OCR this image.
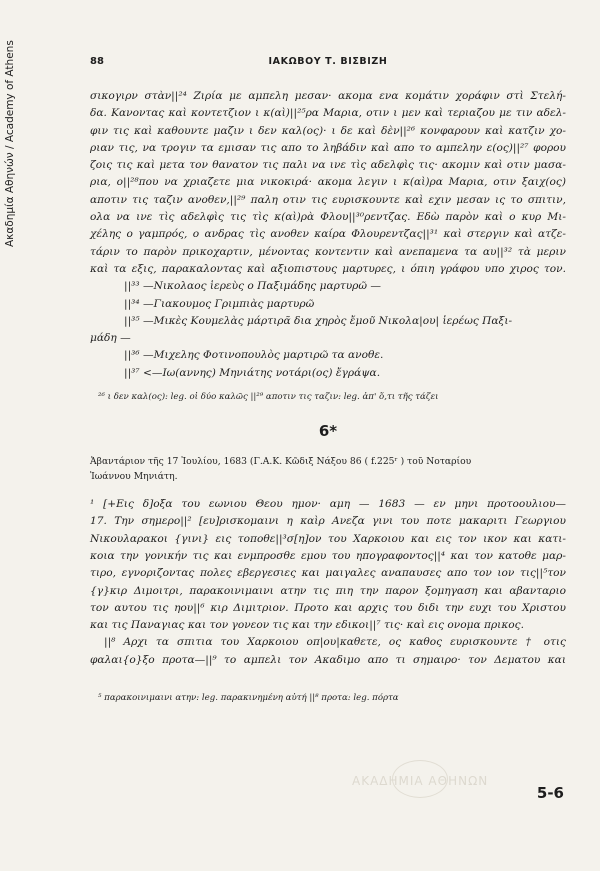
Ακαδημία Αθηνών / Academy of Athens	88	ΙΑΚΩΒΟΥ Τ. ΒΙΣΒΙΖΗ
σικογιρν στὰν||²⁴ Ζιρία με αμπελη μεσαν· ακομα ενα κομάτιν χοράφιν στὶ Στελή-
δα. Κανοντας καὶ κοντετζιον ι κ(αὶ)||²⁵ρα Μαρια, οτιν ι μεν καὶ τεριαζου με τιν αδελ-
φιν τις καὶ καθουντε μαζιν ι δεν καλ(ος)· ι δε καὶ δὲν||²⁶ κονφαρουν καὶ κατζιν χο-
ριαν τις, να τρογιν τα εμισαν τις απο το ληβάδιν καὶ απο το αμπελην ε(ος)||²⁷ φορου
ζοις τις καὶ μετα τον θανατον τις παλι να ινε τὶς αδελφὶς τις· ακομιν καὶ οτιν μασα-
ρια, ο||²⁸που να χριαζετε μια νικοκιρά· ακομα λεγιν ι κ(αὶ)ρα Μαρια, οτιν ξαιχ(ος)
αποτιν τις ταζιν ανοθεν,||²⁹ παλη οτιν τις ευρισκουντε καὶ εχιν μεσαν ις το σπιτιν,
ολα να ινε τὶς αδελφὶς τις τὶς κ(αὶ)ρὰ Φλου||³⁰ρεντζας. Εδὼ παρὸν καὶ ο κυρ Μι-
χέλης ο γαμπρός, ο ανδρας τὶς ανοθεν καίρα Φλουρεντζας||³¹ καὶ στεργιν καὶ ατζε-
τάριν το παρὸν πρικοχαρτιν, μένοντας κοντεντιν καὶ ανεπαμενα τα αυ||³² τὰ μεριν
καὶ τα εξις, παρακαλοντας καὶ αξιοπιστους μαρτυρες, ι όπιη γράφου υπο χιρος τον.
||³³ —Νικολαος ἱερεὺς ο Παξιμάδης μαρτυρῶ —
||³⁴ —Γιακουμος Γριμπιὰς μαρτυρῶ
||³⁵ —Μικὲς Κουμελὰς μάρτιρᾶ δια χηρὸς ἔμοῦ Νικολα|ου| ἱερέως Παξι-
μάδη —
||³⁶ —Μιχελης Φοτινοπουλὸς μαρτιρῶ τα ανοθε.
||³⁷ <—Ιω(αννης) Μηνιάτης νοτάρι(ος) ἔγράψα.
²⁶ ι δεν καλ(ος): leg. οἱ δύο καλῶς ||²⁹ αποτιν τις ταζιν: leg. ἀπ' ὅ,τι τῆς τάζει
6*
Ἀβαντάριον τῆς 17 Ἰουλίου, 1683 (Γ.Α.Κ. Κῶδιξ Νάξου 86 ( f.225ʳ ) τοῦ Νοταρίου
Ἰωάννου Μηνιάτη.
¹ [+Εις δ]οξα του εωνιου Θεου ημον· αμη — 1683 — εν μηνι προτοουλιου—
17. Την σημερο||² [ευ]ρισκομαινι η καὶρ Ανεζα γινι του ποτε μακαριτι Γεωργιου
Νικουλαρακοι {γινι} εις τοποθε||³σ[η]ον του Χαρκοιου και εις τον ικον και κατι-
κοια την γονικήν τις και ενμπροσθε εμου του ηπογραφοντος||⁴ και τον κατοθε μαρ-
τιρο, εγνοριζοντας πολες εβεργεσιες και μαιγαλες αναπαυσες απο τον ιον τις||⁵τον
{γ}κιρ Διμοιτρι, παρακοινιμαινι ατην τις πιη την παρον ξομηγαση και αβανταριο
τον αυτου τις ηου||⁶ κιρ Διμιτριον. Προτο και αρχις του διδι την ευχι του Χριστου
και τις Παναγιας και τον γονεον τις και την εδικοι||⁷ τις· καὶ εις ονομα πρικος.
||⁸ Αρχι τα σπιτια του Χαρκοιου οπ|ου|καθετε, ος καθος ευρισκουντε † οτις
φαλαι{ο}ξο προτα—||⁹ το αμπελι τον Ακαδιμο απο τι σημαιρο· τον Δεματου και
⁵ παρακοινιμαινι ατην: leg. παρακινημένη αὐτή ||⁸ προτα: leg. πόρτα
ΑΚΑΔΗΜΙΑ ΑΘΗΝΩΝ
5-6
